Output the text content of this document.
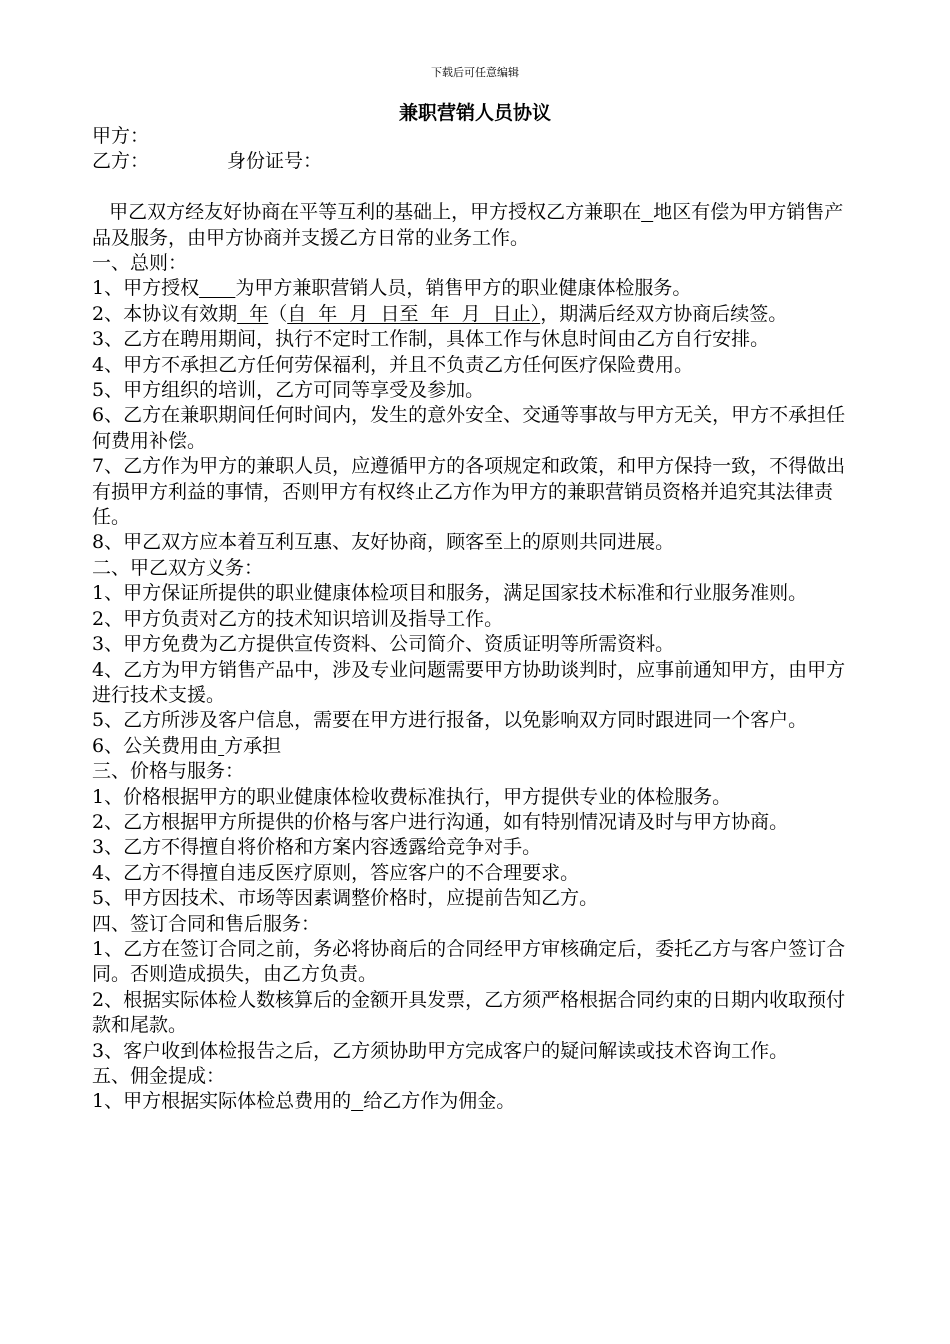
下载后可任意编辑
兼职营销人员协议

甲方：

乙方：	身份证号：

甲乙双方经友好协商在平等互利的基础上，甲方授权乙方兼职在 地区有偿为甲方销售产品及服务，由甲方协商并支援乙方日常的业务工作。

一、总则：

1、甲方授权 为甲方兼职营销人员，销售甲方的职业健康体检服务。

2、本协议有效期  年（自  年  月  日至  年  月  日止），期满后经双方协商后续签。

3、乙方在聘用期间，执行不定时工作制，具体工作与休息时间由乙方自行安排。

4、甲方不承担乙方任何劳保福利，并且不负责乙方任何医疗保险费用。

5、甲方组织的培训，乙方可同等享受及参加。

6、乙方在兼职期间任何时间内，发生的意外安全、交通等事故与甲方无关，甲方不承担任何费用补偿。

7、乙方作为甲方的兼职人员，应遵循甲方的各项规定和政策，和甲方保持一致，不得做出有损甲方利益的事情，否则甲方有权终止乙方作为甲方的兼职营销员资格并追究其法律责任。

8、甲乙双方应本着互利互惠、友好协商，顾客至上的原则共同进展。

二、甲乙双方义务：

1、甲方保证所提供的职业健康体检项目和服务，满足国家技术标准和行业服务准则。

2、甲方负责对乙方的技术知识培训及指导工作。

3、甲方免费为乙方提供宣传资料、公司简介、资质证明等所需资料。

4、乙方为甲方销售产品中，涉及专业问题需要甲方协助谈判时，应事前通知甲方，由甲方进行技术支援。

5、乙方所涉及客户信息，需要在甲方进行报备，以免影响双方同时跟进同一个客户。

6、公关费用由 方承担

三、价格与服务：

1、价格根据甲方的职业健康体检收费标准执行，甲方提供专业的体检服务。

2、乙方根据甲方所提供的价格与客户进行沟通，如有特别情况请及时与甲方协商。

3、乙方不得擅自将价格和方案内容透露给竞争对手。

4、乙方不得擅自违反医疗原则，答应客户的不合理要求。

5、甲方因技术、市场等因素调整价格时，应提前告知乙方。

四、签订合同和售后服务：

1、乙方在签订合同之前，务必将协商后的合同经甲方审核确定后，委托乙方与客户签订合同。否则造成损失，由乙方负责。

2、根据实际体检人数核算后的金额开具发票，乙方须严格根据合同约束的日期内收取预付款和尾款。

3、客户收到体检报告之后，乙方须协助甲方完成客户的疑问解读或技术咨询工作。

五、佣金提成：

1、甲方根据实际体检总费用的 给乙方作为佣金。
